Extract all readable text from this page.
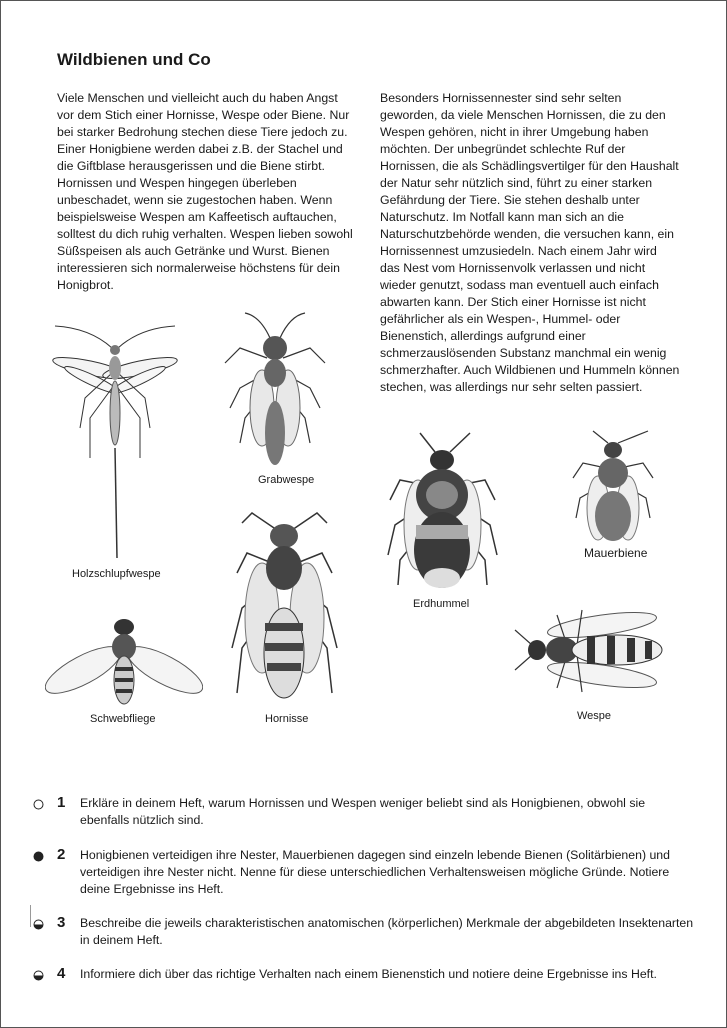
Wildbienen und Co

Viele Menschen und vielleicht auch du haben Angst vor dem Stich einer Hornisse, Wespe oder Biene. Nur bei starker Bedrohung stechen diese Tiere jedoch zu. Einer Honigbiene werden dabei z.B. der Stachel und die Giftblase herausgerissen und die Biene stirbt. Hornissen und Wespen hingegen überleben unbeschadet, wenn sie zugestochen haben. Wenn beispielsweise Wespen am Kaffeetisch auftauchen, solltest du dich ruhig verhalten. Wespen lieben sowohl Süßspeisen als auch Getränke und Wurst. Bienen interessieren sich normalerweise höchstens für dein Honigbrot.

Besonders Hornissennester sind sehr selten geworden, da viele Menschen Hornissen, die zu den Wespen gehören, nicht in ihrer Umgebung haben möchten. Der unbegründet schlechte Ruf der Hornissen, die als Schädlingsvertilger für den Haushalt der Natur sehr nützlich sind, führt zu einer starken Gefährdung der Tiere. Sie stehen deshalb unter Naturschutz. Im Notfall kann man sich an die Naturschutzbehörde wenden, die versuchen kann, ein Hornissennest umzusiedeln. Nach einem Jahr wird das Nest vom Hornissenvolk verlassen und nicht wieder genutzt, sodass man eventuell auch einfach abwarten kann. Der Stich einer Hornisse ist nicht gefährlicher als ein Wespen-, Hummel- oder Bienenstich, allerdings aufgrund einer schmerzauslösenden Substanz manchmal ein wenig schmerzhafter. Auch Wildbienen und Hummeln können stechen, was allerdings nur sehr selten passiert.

Holzschlupfwespe
Grabwespe
Erdhummel
Mauerbiene
Schwebfliege	Hornisse	Wespe
1 Erkläre in deinem Heft, warum Hornissen und Wespen weniger beliebt sind als Honigbienen, obwohl sie ebenfalls nützlich sind.
2 Honigbienen verteidigen ihre Nester, Mauerbienen dagegen sind einzeln lebende Bienen (Solitärbienen) und verteidigen ihre Nester nicht. Nenne für diese unterschiedlichen Verhaltensweisen mögliche Gründe. Notiere deine Ergebnisse ins Heft.
3 Beschreibe die jeweils charakteristischen anatomischen (körperlichen) Merkmale der abgebildeten Insektenarten in deinem Heft.
4 Informiere dich über das richtige Verhalten nach einem Bienenstich und notiere deine Ergebnisse ins Heft.
